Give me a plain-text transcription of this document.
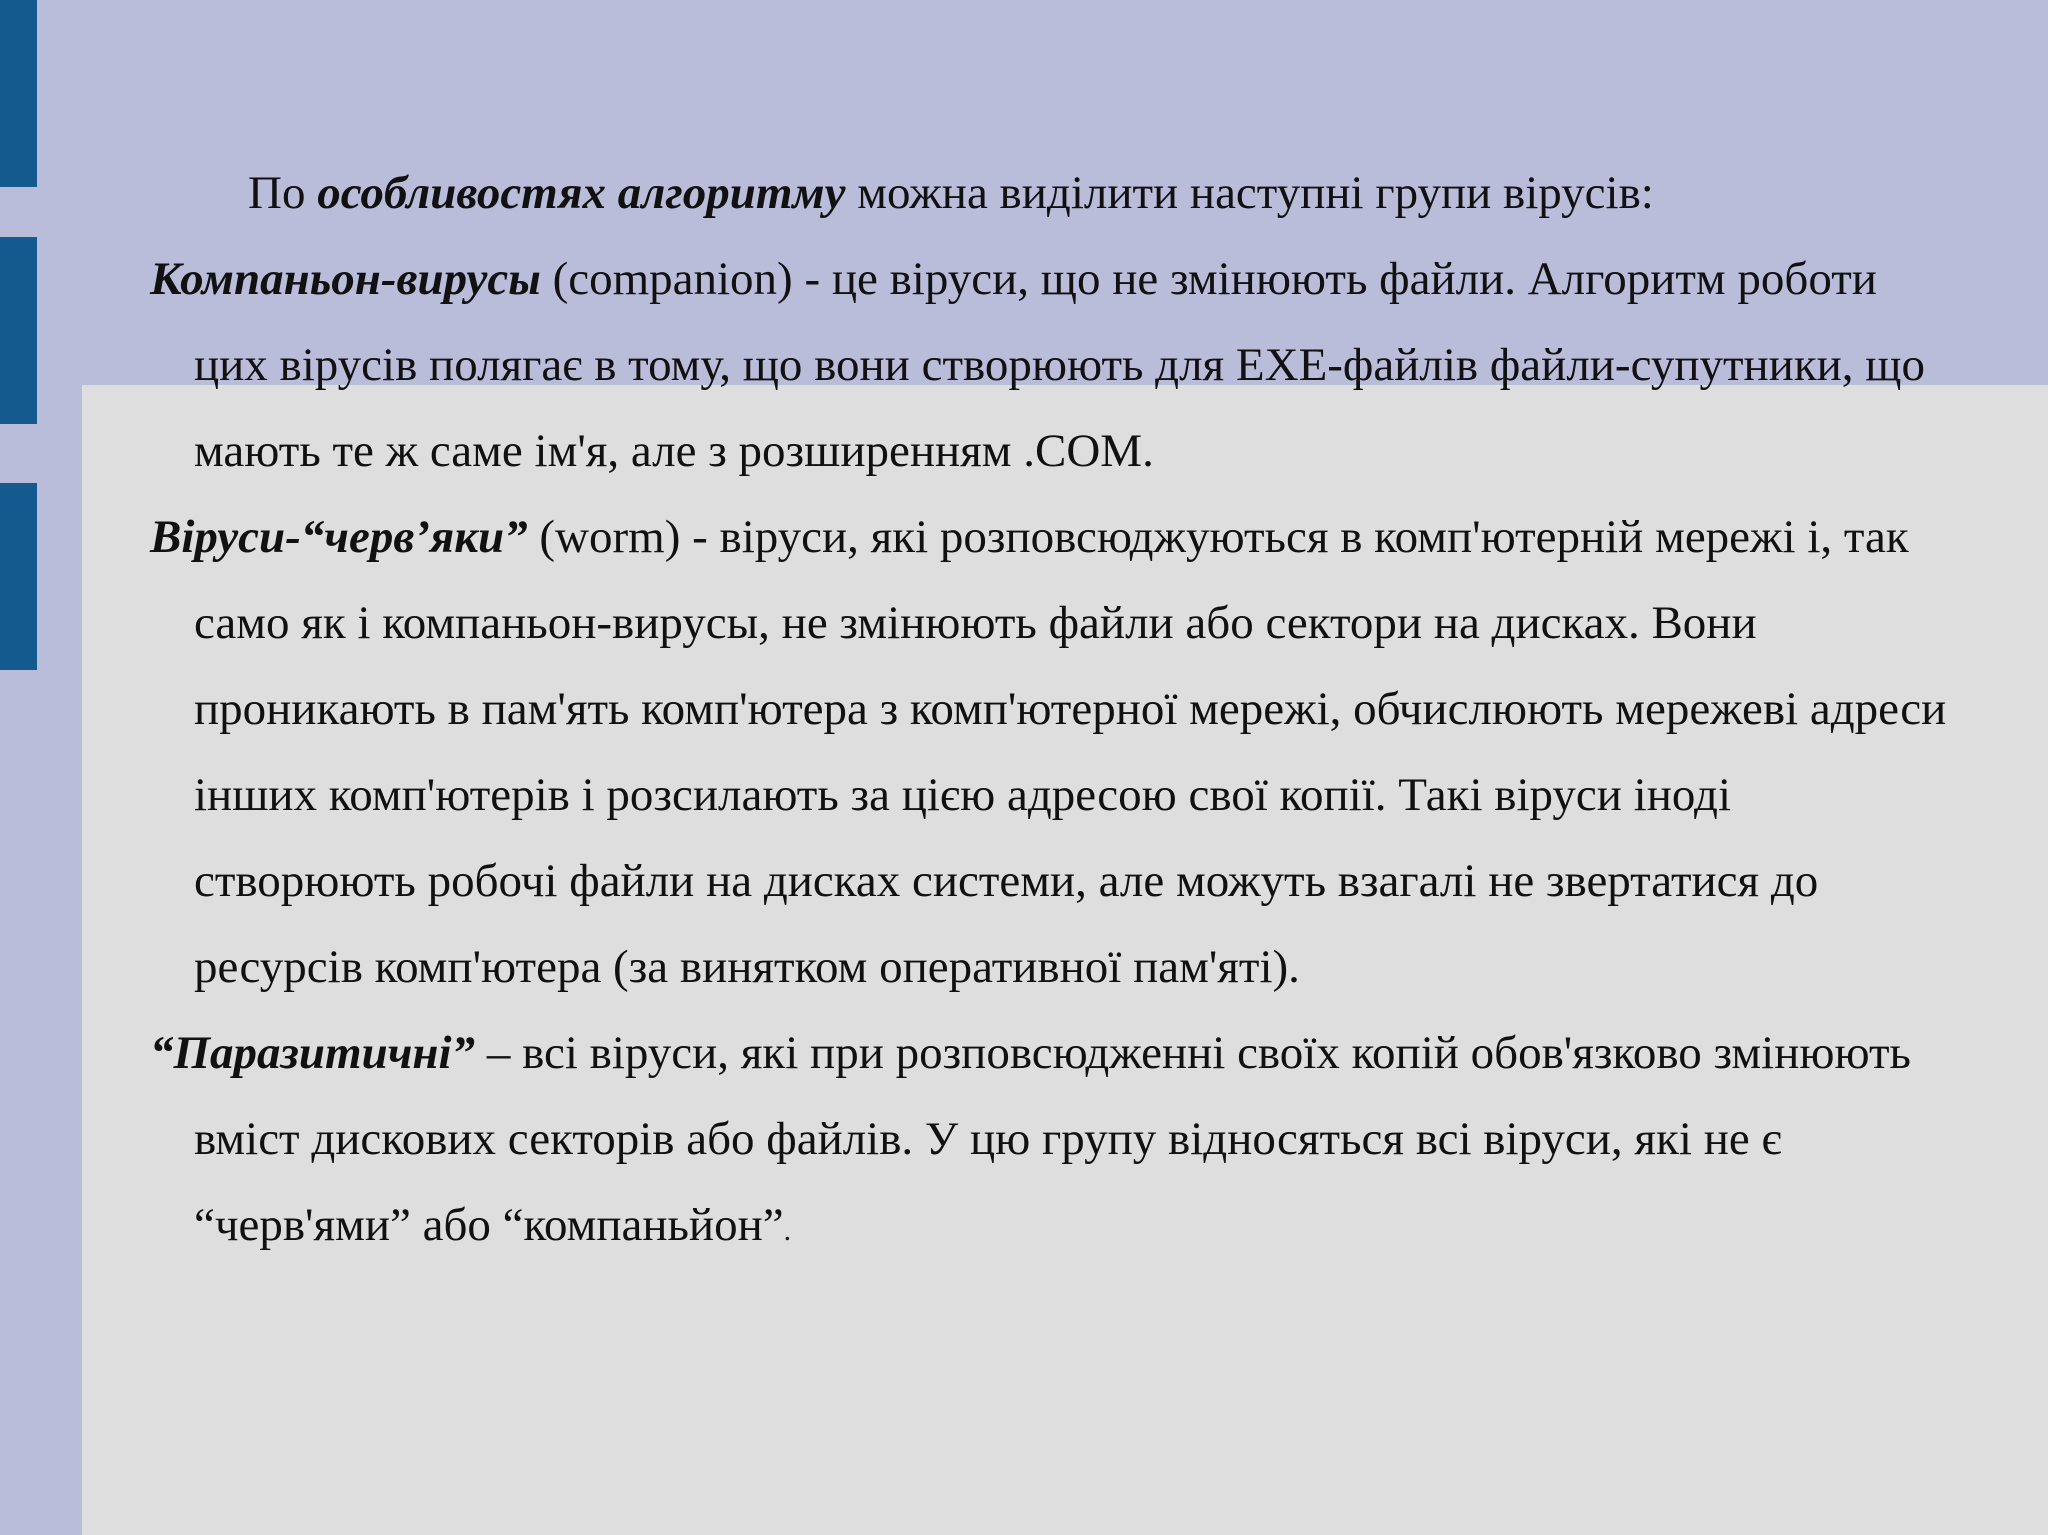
По особливостях алгоритму можна виділити наступні групи вірусів:

Компаньон-вирусы (companion) - це віруси, що не змінюють файли. Алгоритм роботи цих вірусів полягає в тому, що вони створюють для EXE-файлів файли-супутники, що мають те ж саме ім'я, але з розширенням .COM.

Віруси-“черв’яки” (worm) - віруси, які розповсюджуються в комп'ютерній мережі і, так само як і компаньон-вирусы, не змінюють файли або сектори на дисках. Вони проникають в пам'ять комп'ютера з комп'ютерної мережі, обчислюють мережеві адреси інших комп'ютерів і розсилають за цією адресою свої копії. Такі віруси іноді створюють робочі файли на дисках системи, але можуть взагалі не звертатися до ресурсів комп'ютера (за винятком оперативної пам'яті).

“Паразитичні” – всі віруси, які при розповсюдженні своїх копій обов'язково змінюють вміст дискових секторів або файлів. У цю групу відносяться всі віруси, які не є “черв'ями” або “компаньйон”.
